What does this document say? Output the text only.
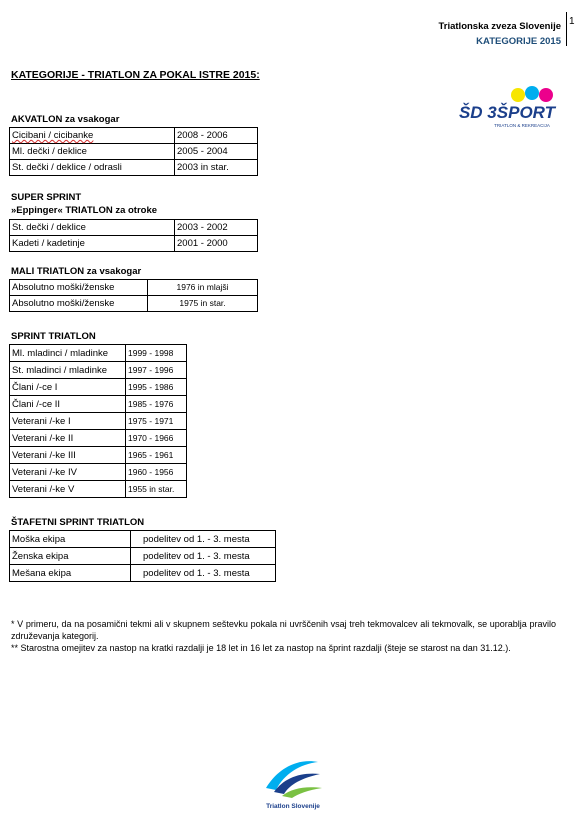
Triatlonska zveza Slovenije
KATEGORIJE 2015
1
KATEGORIJE - TRIATLON ZA POKAL ISTRE 2015:
ŠD 3ŠPORT
TRIATLON & REKREACIJA
AKVATLON za vsakogar
Cicibani / cicibanke	2008 - 2006
Ml. dečki / deklice	2005 - 2004
St. dečki / deklice / odrasli	2003 in star.
SUPER SPRINT
»Eppinger« TRIATLON za otroke
St. dečki / deklice	2003 - 2002
Kadeti / kadetinje	2001 - 2000
MALI TRIATLON za vsakogar
Absolutno moški/ženske	1976 in mlajši
Absolutno moški/ženske	1975 in star.
SPRINT TRIATLON
Ml. mladinci / mladinke	1999 - 1998
St. mladinci / mladinke	1997 - 1996
Člani /-ce I	1995 - 1986
Člani /-ce II	1985 - 1976
Veterani /-ke I	1975 - 1971
Veterani /-ke II	1970 - 1966
Veterani /-ke III	1965 - 1961
Veterani /-ke IV	1960 - 1956
Veterani /-ke V	1955 in star.
ŠTAFETNI SPRINT TRIATLON
Moška ekipa	podelitev od 1. - 3. mesta
Ženska ekipa	podelitev od 1. - 3. mesta
Mešana ekipa	podelitev od 1. - 3. mesta
* V primeru, da na posamični tekmi ali v skupnem seštevku pokala ni uvrščenih vsaj treh tekmovalcev ali tekmovalk, se uporablja pravilo združevanja kategorij.
** Starostna omejitev za nastop na kratki razdalji je 18 let in 16 let za nastop na šprint razdalji (šteje se starost na dan 31.12.).
Triatlon Slovenije
